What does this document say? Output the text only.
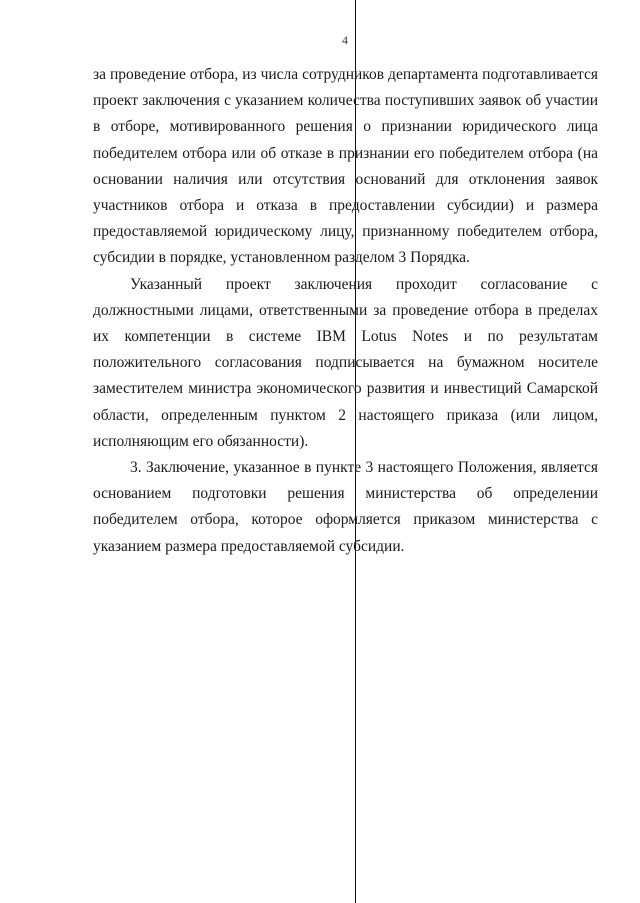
4

за проведение отбора, из числа сотрудников департамента подготавливается проект заключения с указанием количества поступивших заявок об участии в отборе, мотивированного решения о признании юридического лица победителем отбора или об отказе в признании его победителем отбора (на основании наличия или отсутствия оснований для отклонения заявок участников отбора и отказа в предоставлении субсидии) и размера предоставляемой юридическому лицу, признанному победителем отбора, субсидии в порядке, установленном разделом 3 Порядка.

Указанный проект заключения проходит согласование с должностными лицами, ответственными за проведение отбора в пределах их компетенции в системе IBM Lotus Notes и по результатам положительного согласования подписывается на бумажном носителе заместителем министра экономического развития и инвестиций Самарской области, определенным пунктом 2 настоящего приказа (или лицом, исполняющим его обязанности).

3. Заключение, указанное в пункте 3 настоящего Положения, является основанием подготовки решения министерства об определении победителем отбора, которое оформляется приказом министерства с указанием размера предоставляемой субсидии.
